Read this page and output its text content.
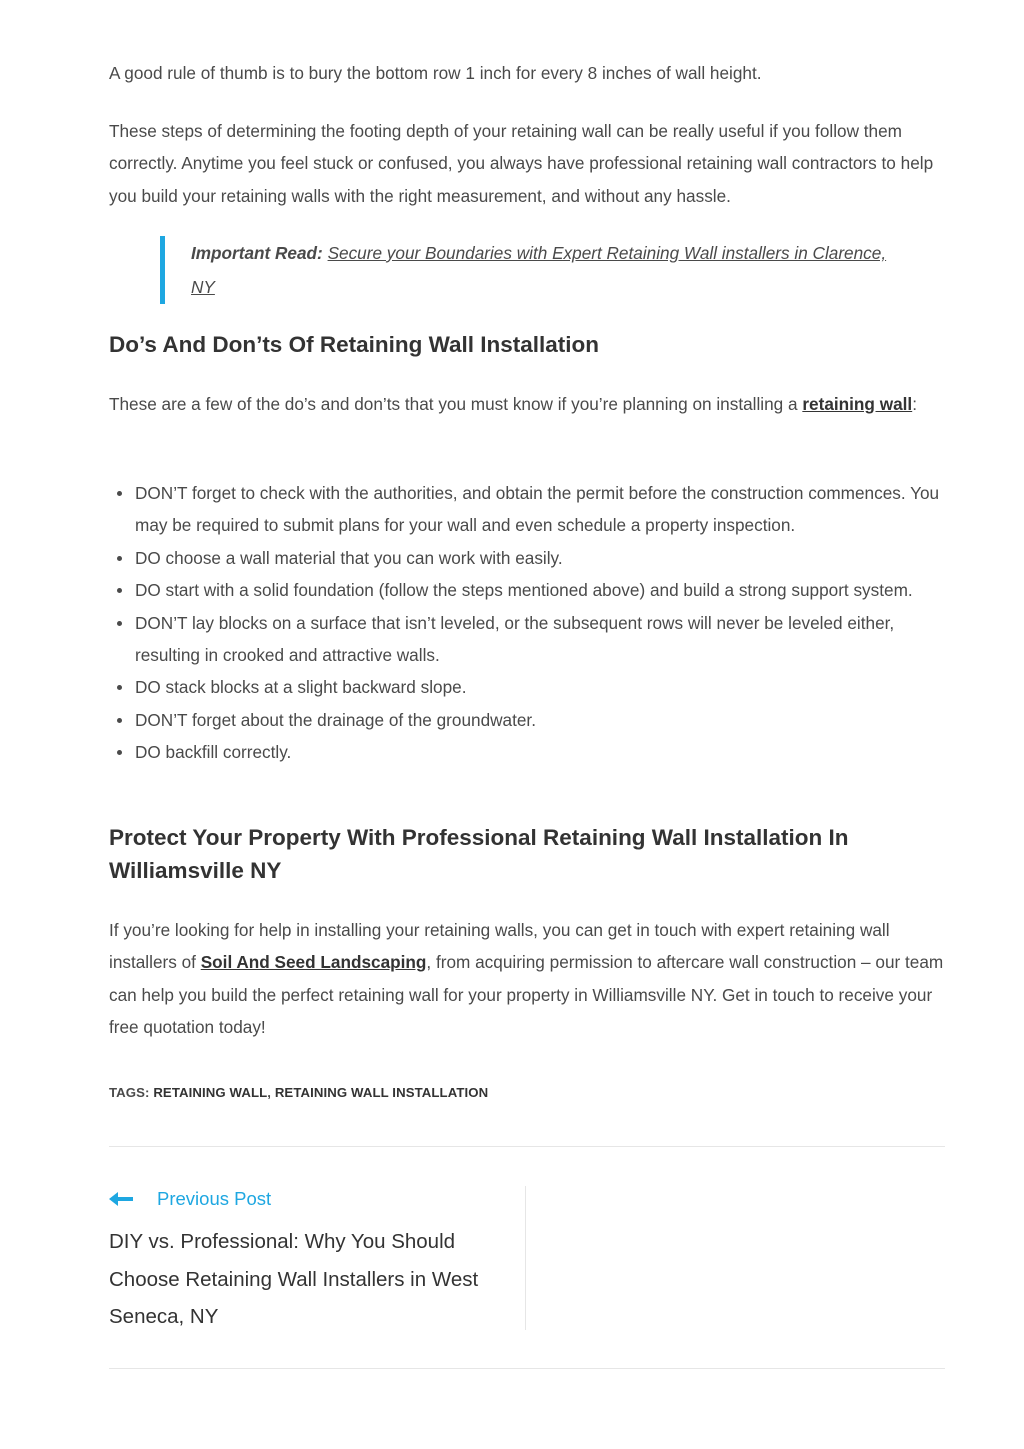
A good rule of thumb is to bury the bottom row 1 inch for every 8 inches of wall height.

These steps of determining the footing depth of your retaining wall can be really useful if you follow them correctly. Anytime you feel stuck or confused, you always have professional retaining wall contractors to help you build your retaining walls with the right measurement, and without any hassle.

Important Read: Secure your Boundaries with Expert Retaining Wall installers in Clarence, NY
Do’s And Don’ts Of Retaining Wall Installation

These are a few of the do’s and don’ts that you must know if you’re planning on installing a retaining wall:

DON’T forget to check with the authorities, and obtain the permit before the construction commences. You may be required to submit plans for your wall and even schedule a property inspection.
DO choose a wall material that you can work with easily.
DO start with a solid foundation (follow the steps mentioned above) and build a strong support system.
DON’T lay blocks on a surface that isn’t leveled, or the subsequent rows will never be leveled either, resulting in crooked and attractive walls.
DO stack blocks at a slight backward slope.
DON’T forget about the drainage of the groundwater.
DO backfill correctly.
Protect Your Property With Professional Retaining Wall Installation In Williamsville NY

If you’re looking for help in installing your retaining walls, you can get in touch with expert retaining wall installers of Soil And Seed Landscaping, from acquiring permission to aftercare wall construction – our team can help you build the perfect retaining wall for your property in Williamsville NY. Get in touch to receive your free quotation today!

TAGS: RETAINING WALL, RETAINING WALL INSTALLATION
Previous Post
DIY vs. Professional: Why You Should Choose Retaining Wall Installers in West Seneca, NY
